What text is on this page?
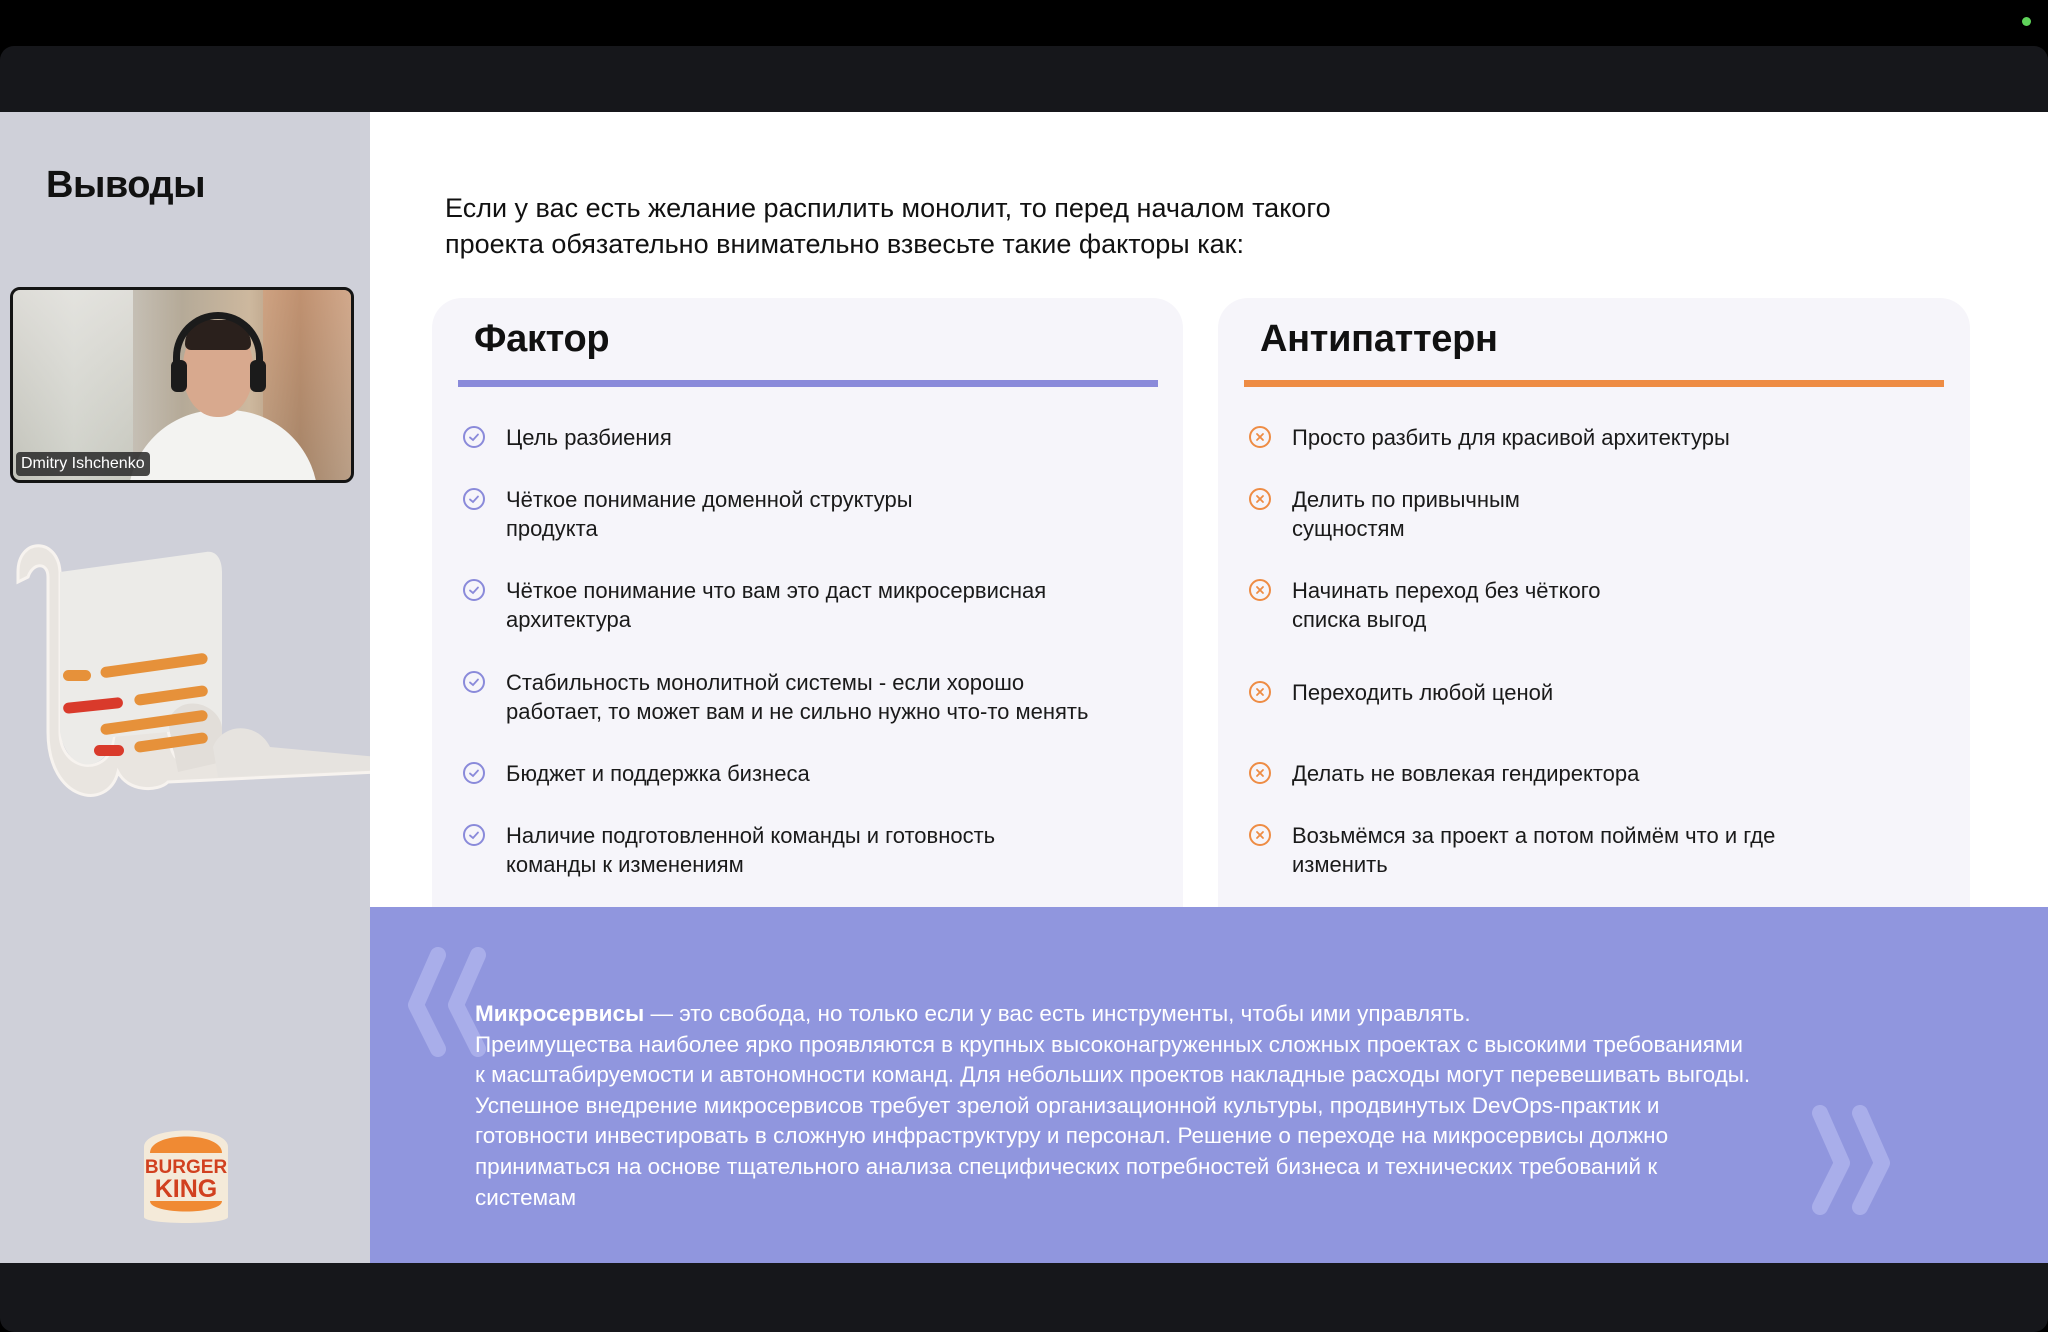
Выводы
Dmitry Ishchenko
BURGER
KING
Если у вас есть желание распилить монолит, то перед началом такого
проекта обязательно внимательно взвесьте такие факторы как:
Фактор
Цель разбиения
Чёткое понимание доменной структуры
продукта
Чёткое понимание что вам это даст микросервисная
архитектура
Стабильность монолитной системы - если хорошо
работает, то может вам и не сильно нужно что-то менять
Бюджет и поддержка бизнеса
Наличие подготовленной команды и готовность
команды к изменениям
Антипаттерн
Просто разбить для красивой архитектуры
Делить по привычным
сущностям
Начинать переход без чёткого
списка выгод
Переходить любой ценой
Делать не вовлекая гендиректора
Возьмёмся за проект а потом поймём что и где
изменить
Микросервисы — это свобода, но только если у вас есть инструменты, чтобы ими управлять.
Преимущества наиболее ярко проявляются в крупных высоконагруженных сложных проектах с высокими требованиями
к масштабируемости и автономности команд. Для небольших проектов накладные расходы могут перевешивать выгоды.
Успешное внедрение микросервисов требует зрелой организационной культуры, продвинутых DevOps-практик и
готовности инвестировать в сложную инфраструктуру и персонал. Решение о переходе на микросервисы должно
приниматься на основе тщательного анализа специфических потребностей бизнеса и технических требований к
системам
